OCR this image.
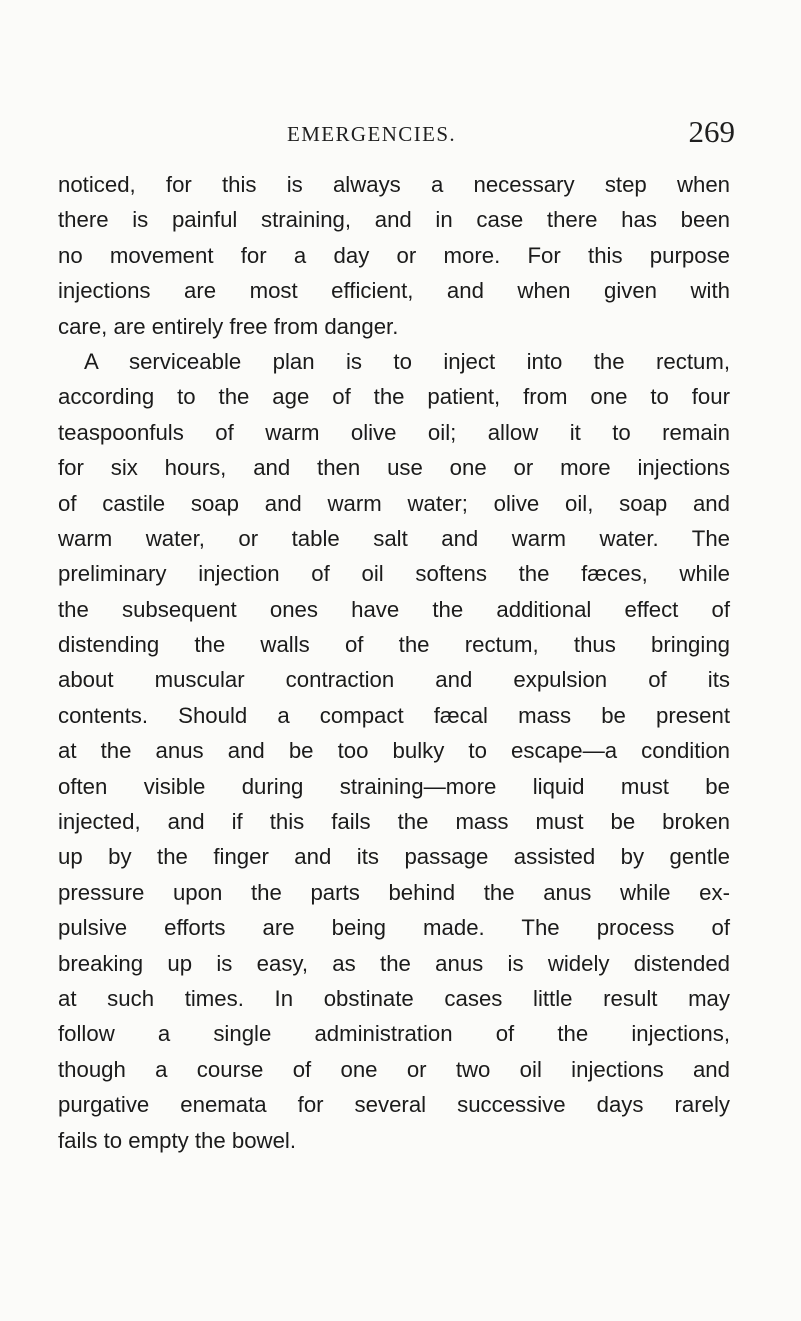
EMERGENCIES.	269
noticed, for this is always a necessary step when
there is painful straining, and in case there has been
no movement for a day or more. For this purpose
injections are most efficient, and when given with
care, are entirely free from danger.
A serviceable plan is to inject into the rectum,
according to the age of the patient, from one to four
teaspoonfuls of warm olive oil; allow it to remain
for six hours, and then use one or more injections
of castile soap and warm water; olive oil, soap and
warm water, or table salt and warm water. The
preliminary injection of oil softens the fæces, while
the subsequent ones have the additional effect of
distending the walls of the rectum, thus bringing
about muscular contraction and expulsion of its
contents. Should a compact fæcal mass be present
at the anus and be too bulky to escape—a condition
often visible during straining—more liquid must be
injected, and if this fails the mass must be broken
up by the finger and its passage assisted by gentle
pressure upon the parts behind the anus while ex-
pulsive efforts are being made. The process of
breaking up is easy, as the anus is widely distended
at such times. In obstinate cases little result may
follow a single administration of the injections,
though a course of one or two oil injections and
purgative enemata for several successive days rarely
fails to empty the bowel.
